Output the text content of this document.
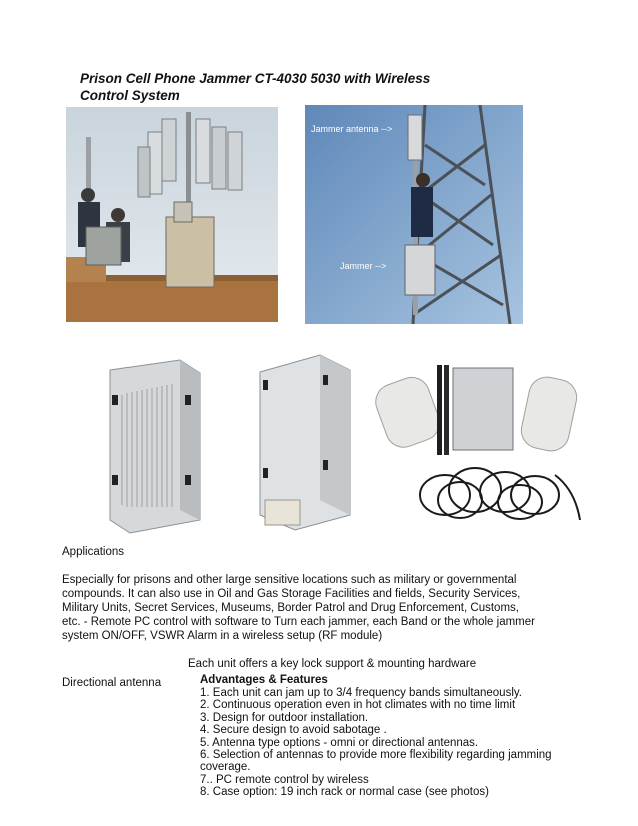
Prison Cell Phone Jammer CT-4030 5030 with Wireless
Control System
Jammer antenna -->
Jammer -->
Applications
Especially for prisons and other large sensitive locations such as military or governmental
compounds. It can also use in Oil and Gas Storage Facilities and fields, Security Services,
Military Units, Secret Services, Museums, Border Patrol and Drug Enforcement, Customs,
etc. - Remote PC control with software to Turn each jammer, each Band or the whole jammer
system ON/OFF, VSWR Alarm in a wireless setup (RF module)
Each unit offers a key lock support & mounting hardware
Directional antenna	Advantages & Features
1. Each unit can jam up to 3/4 frequency bands simultaneously.
2. Continuous operation even in hot climates with no time limit
3. Design for outdoor installation.
4. Secure design to avoid sabotage .
5. Antenna type options - omni or directional antennas.
6. Selection of antennas to provide more flexibility regarding jamming
coverage.
7.. PC remote control by wireless
8. Case option: 19 inch rack or normal case (see photos)
